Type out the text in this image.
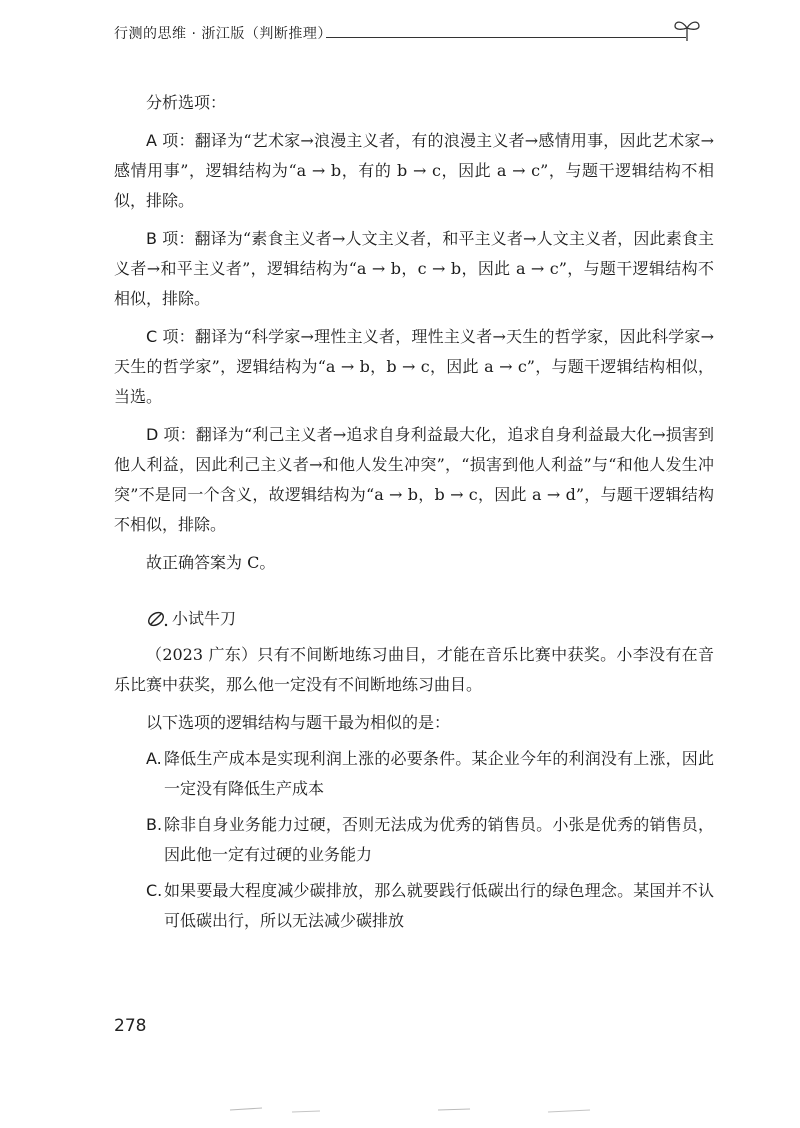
行测的思维 · 浙江版（判断推理）

分析选项：

A 项：翻译为“艺术家→浪漫主义者，有的浪漫主义者→感情用事，因此艺术家→感情用事”，逻辑结构为“a → b，有的 b → c，因此 a → c”，与题干逻辑结构不相似，排除。

B 项：翻译为“素食主义者→人文主义者，和平主义者→人文主义者，因此素食主义者→和平主义者”，逻辑结构为“a → b，c → b，因此 a → c”，与题干逻辑结构不相似，排除。

C 项：翻译为“科学家→理性主义者，理性主义者→天生的哲学家，因此科学家→天生的哲学家”，逻辑结构为“a → b，b → c，因此 a → c”，与题干逻辑结构相似，当选。

D 项：翻译为“利己主义者→追求自身利益最大化，追求自身利益最大化→损害到他人利益，因此利己主义者→和他人发生冲突”，“损害到他人利益”与“和他人发生冲突”不是同一个含义，故逻辑结构为“a → b，b → c，因此 a → d”，与题干逻辑结构不相似，排除。

故正确答案为 C。

小试牛刀

（2023 广东）只有不间断地练习曲目，才能在音乐比赛中获奖。小李没有在音乐比赛中获奖，那么他一定没有不间断地练习曲目。

以下选项的逻辑结构与题干最为相似的是：

A. 降低生产成本是实现利润上涨的必要条件。某企业今年的利润没有上涨，因此一定没有降低生产成本

B. 除非自身业务能力过硬，否则无法成为优秀的销售员。小张是优秀的销售员，因此他一定有过硬的业务能力

C. 如果要最大程度减少碳排放，那么就要践行低碳出行的绿色理念。某国并不认可低碳出行，所以无法减少碳排放

278
